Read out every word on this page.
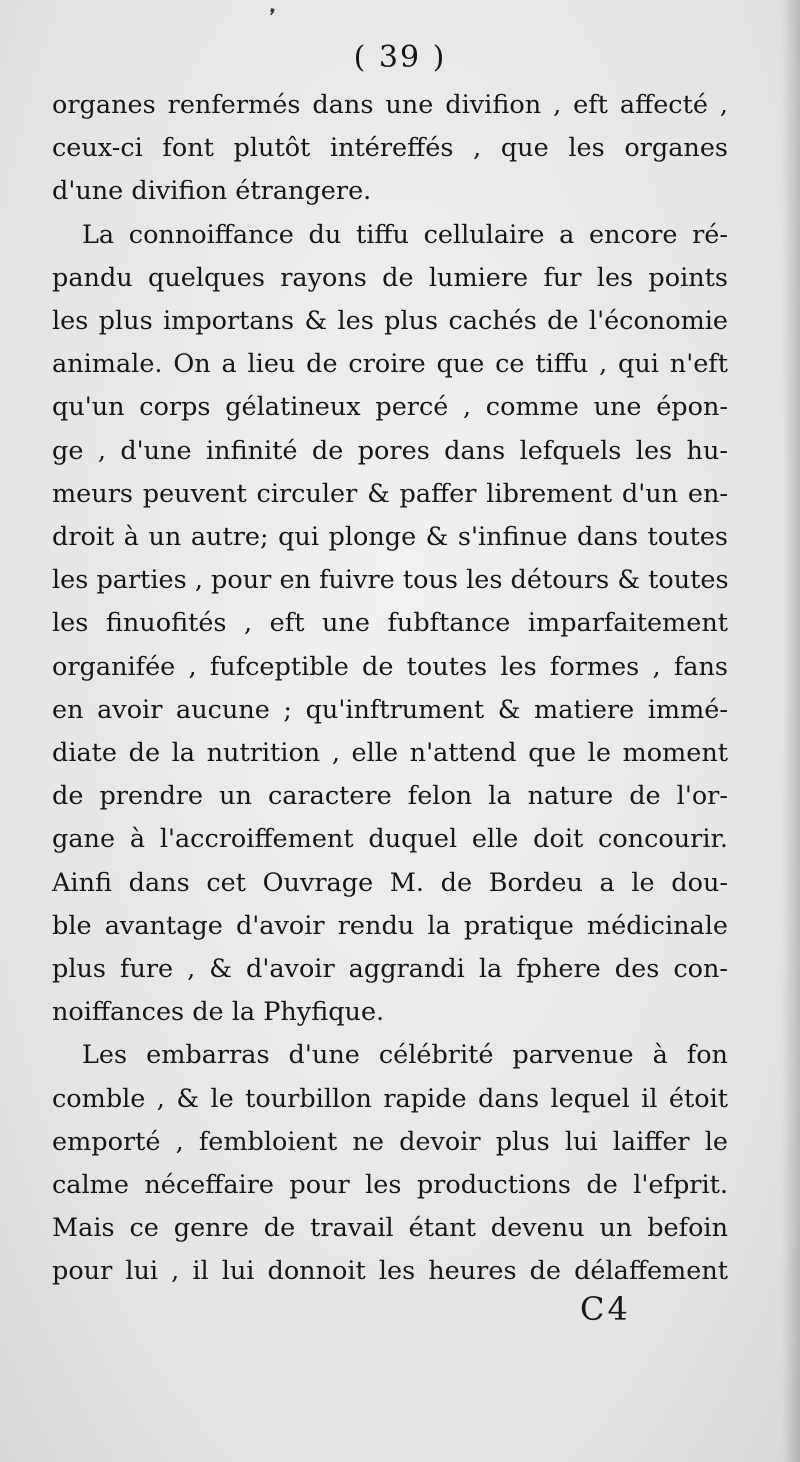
❜
( 39 )
organes renfermés dans une divifion , eft affecté ,
ceux-ci font plutôt intéreffés , que les organes
d'une divifion étrangere.
La connoiffance du tiffu cellulaire a encore ré-
pandu quelques rayons de lumiere fur les points
les plus importans & les plus cachés de l'économie
animale. On a lieu de croire que ce tiffu , qui n'eft
qu'un corps gélatineux percé , comme une épon-
ge , d'une infinité de pores dans lefquels les hu-
meurs peuvent circuler & paffer librement d'un en-
droit à un autre; qui plonge & s'infinue dans toutes
les parties , pour en fuivre tous les détours & toutes
les finuofités , eft une fubftance imparfaitement
organifée , fufceptible de toutes les formes , fans
en avoir aucune ; qu'inftrument & matiere immé-
diate de la nutrition , elle n'attend que le moment
de prendre un caractere felon la nature de l'or-
gane à l'accroiffement duquel elle doit concourir.
Ainfi dans cet Ouvrage M. de Bordeu a le dou-
ble avantage d'avoir rendu la pratique médicinale
plus fure , & d'avoir aggrandi la fphere des con-
noiffances de la Phyfique.
Les embarras d'une célébrité parvenue à fon
comble , & le tourbillon rapide dans lequel il étoit
emporté , fembloient ne devoir plus lui laiffer le
calme néceffaire pour les productions de l'efprit.
Mais ce genre de travail étant devenu un befoin
pour lui , il lui donnoit les heures de délaffement
C4
